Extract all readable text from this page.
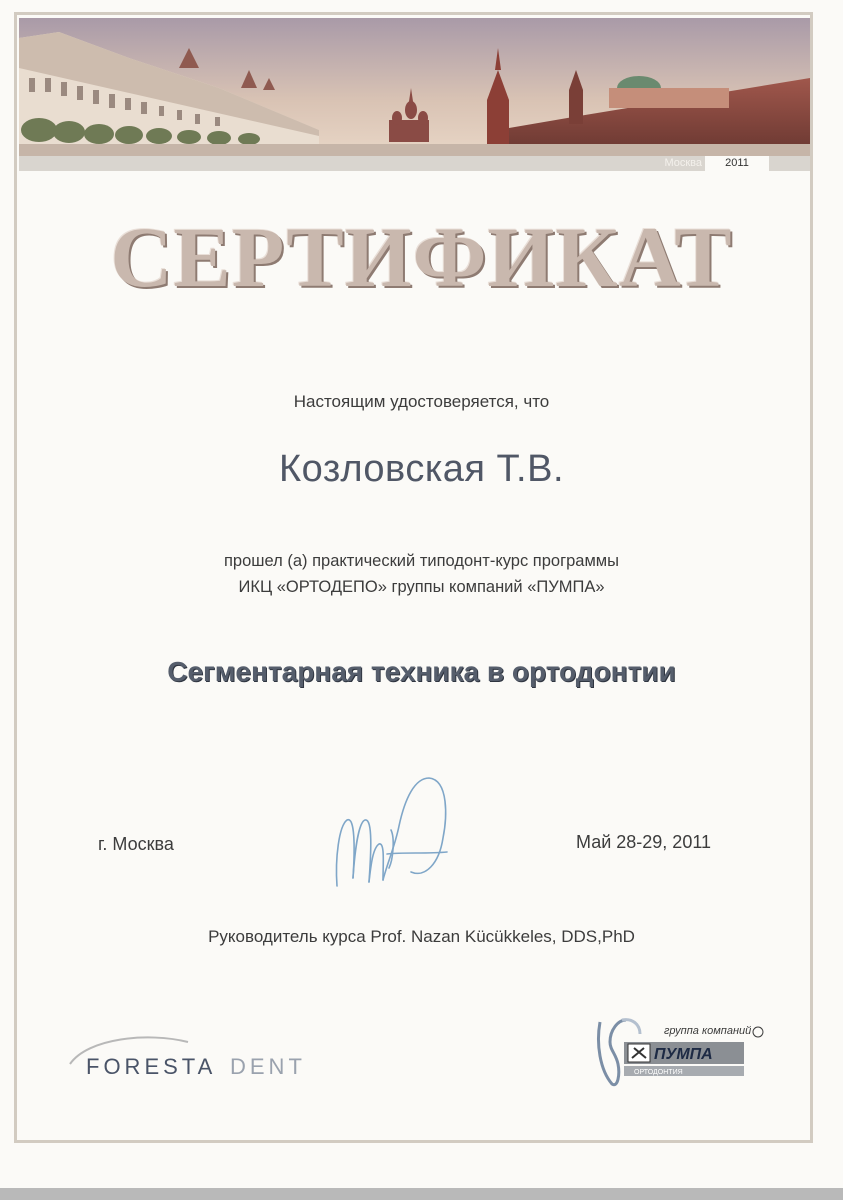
Москва	2011
СЕРТИФИКАТ
Настоящим удостоверяется, что
Козловская Т.В.
прошел (а) практический типодонт-курс программы
ИКЦ «ОРТОДЕПО» группы компаний «ПУМПА»
Сегментарная техника в ортодонтии
г. Москва	Май 28-29, 2011
Руководитель курса Prof. Nazan Kücükkeles, DDS,PhD
FORESTA DENT
группа компаний
ПУМПА
ОРТОДОНТИЯ
